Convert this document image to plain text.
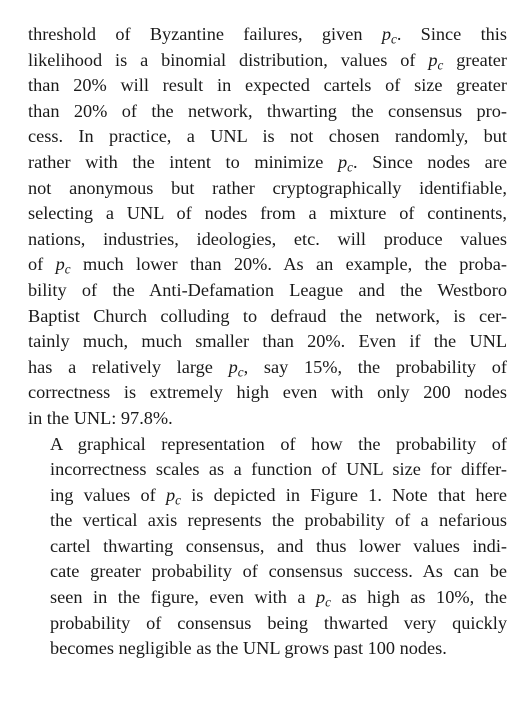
threshold of Byzantine failures, given $p_c$. Since this
likelihood is a binomial distribution, values of $p_c$ greater
than 20% will result in expected cartels of size greater
than 20% of the network, thwarting the consensus pro-
cess. In practice, a UNL is not chosen randomly, but
rather with the intent to minimize $p_c$. Since nodes are
not anonymous but rather cryptographically identifiable,
selecting a UNL of nodes from a mixture of continents,
nations, industries, ideologies, etc. will produce values
of $p_c$ much lower than 20%. As an example, the proba-
bility of the Anti-Defamation League and the Westboro
Baptist Church colluding to defraud the network, is cer-
tainly much, much smaller than 20%. Even if the UNL
has a relatively large $p_c$, say 15%, the probability of
correctness is extremely high even with only 200 nodes
in the UNL: 97.8%.

A graphical representation of how the probability of
incorrectness scales as a function of UNL size for differ-
ing values of $p_c$ is depicted in Figure 1. Note that here
the vertical axis represents the probability of a nefarious
cartel thwarting consensus, and thus lower values indi-
cate greater probability of consensus success. As can be
seen in the figure, even with a $p_c$ as high as 10%, the
probability of consensus being thwarted very quickly
becomes negligible as the UNL grows past 100 nodes.
